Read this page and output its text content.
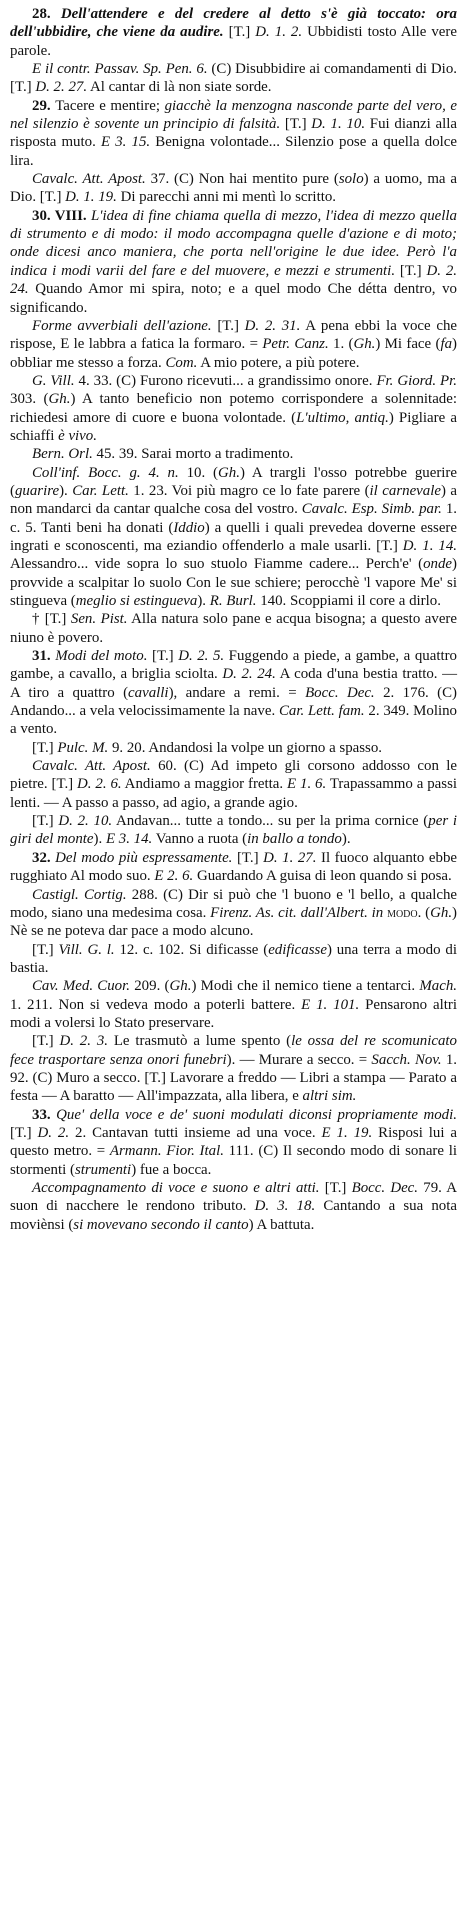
28. Dell'attendere e del credere al detto s'è già toccato: ora dell'ubbidire, che viene da audire. [T.] D. 1. 2. Ubbidisti tosto Alle vere parole.

E il contr. Passav. Sp. Pen. 6. (C) Disubbidire ai comandamenti di Dio. [T.] D. 2. 27. Al cantar di là non siate sorde.

29. Tacere e mentire; giacchè la menzogna nasconde parte del vero, e nel silenzio è sovente un principio di falsità. [T.] D. 1. 10. Fui dianzi alla risposta muto. E 3. 15. Benigna volontade... Silenzio pose a quella dolce lira.

Cavalc. Att. Apost. 37. (C) Non hai mentito pure (solo) a uomo, ma a Dio. [T.] D. 1. 19. Di parecchi anni mi mentì lo scritto.

30. VIII. L'idea di fine chiama quella di mezzo, l'idea di mezzo quella di strumento e di modo: il modo accompagna quelle d'azione e di moto; onde dicesi anco maniera, che porta nell'origine le due idee. Però l'a indica i modi varii del fare e del muovere, e mezzi e strumenti. [T.] D. 2. 24. Quando Amor mi spira, noto; e a quel modo Che détta dentro, vo significando.

Forme avverbiali dell'azione. [T.] D. 2. 31. A pena ebbi la voce che rispose, E le labbra a fatica la formaro. = Petr. Canz. 1. (Gh.) Mi face (fa) obbliar me stesso a forza. Com. A mio potere, a più potere.

G. Vill. 4. 33. (C) Furono ricevuti... a grandissimo onore. Fr. Giord. Pr. 303. (Gh.) A tanto beneficio non potemo corrispondere a solennitade: richiedesi amore di cuore e buona volontade. (L'ultimo, antiq.) Pigliare a schiaffi è vivo.

Bern. Orl. 45. 39. Sarai morto a tradimento.

Coll'inf. Bocc. g. 4. n. 10. (Gh.) A trargli l'osso potrebbe guerire (guarire). Car. Lett. 1. 23. Voi più magro ce lo fate parere (il carnevale) a non mandarci da cantar qualche cosa del vostro. Cavalc. Esp. Simb. par. 1. c. 5. Tanti beni ha donati (Iddio) a quelli i quali prevedea doverne essere ingrati e sconoscenti, ma eziandio offenderlo a male usarli. [T.] D. 1. 14. Alessandro... vide sopra lo suo stuolo Fiamme cadere... Perch'e' (onde) provvide a scalpitar lo suolo Con le sue schiere; perocchè 'l vapore Me' si stingueva (meglio si estingueva). R. Burl. 140. Scoppiami il core a dirlo.

† [T.] Sen. Pist. Alla natura solo pane e acqua bisogna; a questo avere niuno è povero.

31. Modi del moto. [T.] D. 2. 5. Fuggendo a piede, a gambe, a quattro gambe, a cavallo, a briglia sciolta. D. 2. 24. A coda d'una bestia tratto. — A tiro a quattro (cavalli), andare a remi. = Bocc. Dec. 2. 176. (C) Andando... a vela velocissimamente la nave. Car. Lett. fam. 2. 349. Molino a vento.

[T.] Pulc. M. 9. 20. Andandosi la volpe un giorno a spasso.

Cavalc. Att. Apost. 60. (C) Ad impeto gli corsono addosso con le pietre. [T.] D. 2. 6. Andiamo a maggior fretta. E 1. 6. Trapassammo a passi lenti. — A passo a passo, ad agio, a grande agio.

[T.] D. 2. 10. Andavan... tutte a tondo... su per la prima cornice (per i giri del monte). E 3. 14. Vanno a ruota (in ballo a tondo).

32. Del modo più espressamente. [T.] D. 1. 27. Il fuoco alquanto ebbe rugghiato Al modo suo. E 2. 6. Guardando A guisa di leon quando si posa.

Castigl. Cortig. 288. (C) Dir si può che 'l buono e 'l bello, a qualche modo, siano una medesima cosa. Firenz. As. cit. dall'Albert. in modo. (Gh.) Nè se ne poteva dar pace a modo alcuno.

[T.] Vill. G. l. 12. c. 102. Si dificasse (edificasse) una terra a modo di bastia.

Cav. Med. Cuor. 209. (Gh.) Modi che il nemico tiene a tentarci. Mach. 1. 211. Non si vedeva modo a poterli battere. E 1. 101. Pensarono altri modi a volersi lo Stato preservare.

[T.] D. 2. 3. Le trasmutò a lume spento (le ossa del re scomunicato fece trasportare senza onori funebri). — Murare a secco. = Sacch. Nov. 1. 92. (C) Muro a secco. [T.] Lavorare a freddo — Libri a stampa — Parato a festa — A baratto — All'impazzata, alla libera, e altri sim.

33. Que' della voce e de' suoni modulati diconsi propriamente modi. [T.] D. 2. 2. Cantavan tutti insieme ad una voce. E 1. 19. Risposi lui a questo metro. = Armann. Fior. Ital. 111. (C) Il secondo modo di sonare li stormenti (strumenti) fue a bocca.

Accompagnamento di voce e suono e altri atti. [T.] Bocc. Dec. 79. A suon di nacchere le rendono tributo. D. 3. 18. Cantando a sua nota moviènsi (si movevano secondo il canto) A battuta.
